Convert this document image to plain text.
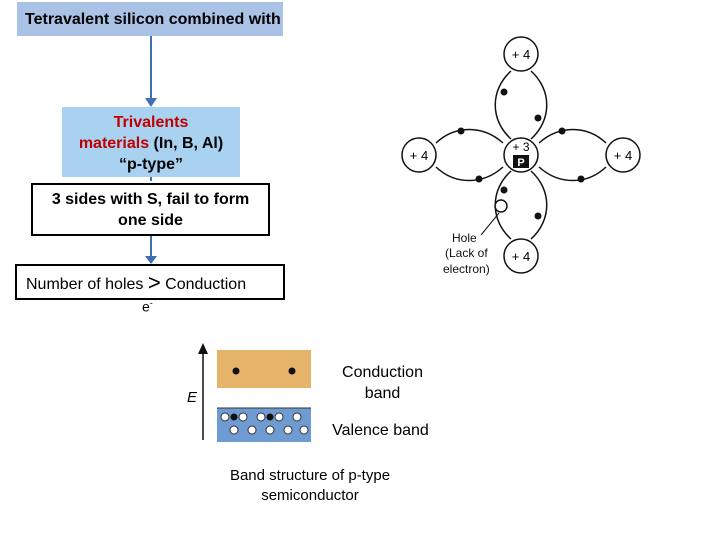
Tetravalent silicon combined with
Trivalents
materials (In, B, Al)
“p-type”
3 sides with S, fail to form
one side
Number of holes > Conduction
e-
+ 4
+ 4
+ 3
P	+ 4
+ 4
Hole
(Lack of
electron)
E
Conduction
band
Valence band
Band structure of p-type
semiconductor
